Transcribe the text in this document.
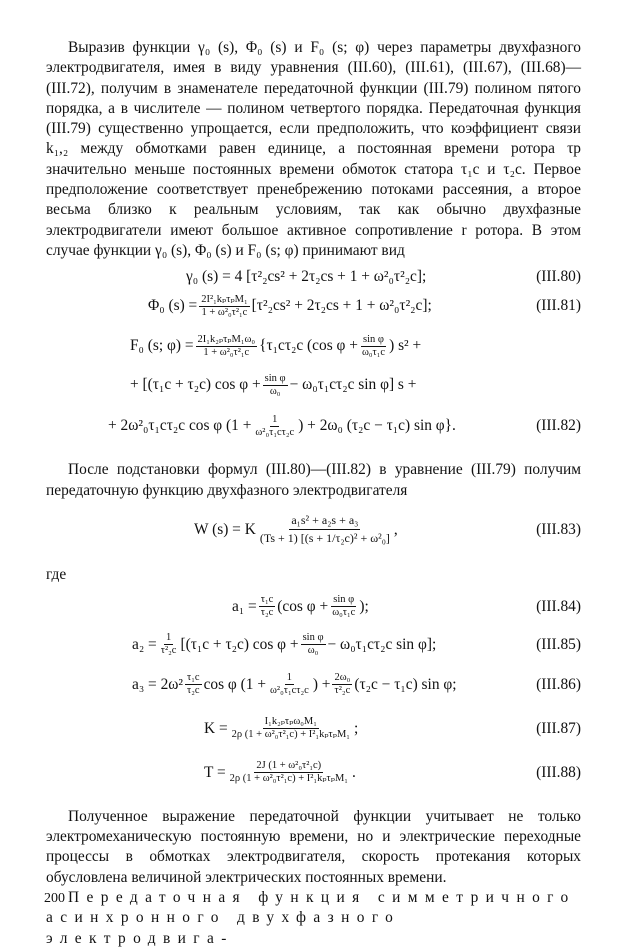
Выразив функции γ₀ (s), Φ₀ (s) и F₀ (s; φ) через параметры двухфазного электродвигателя, имея в виду уравнения (III.60), (III.61), (III.67), (III.68)—(III.72), получим в знаменателе передаточной функции (III.79) полином пятого порядка, а в числителе — полином четвертого порядка. Передаточная функция (III.79) существенно упрощается, если предположить, что коэффициент связи k₁,₂ между обмотками равен единице, а постоянная времени ротора τр значительно меньше постоянных времени обмоток статора τ₁c и τ₂c. Первое предположение соответствует пренебрежению потоками рассеяния, а второе весьма близко к реальным условиям, так как обычно двухфазные электродвигатели имеют большое активное сопротивление r ротора. В этом случае функции γ₀ (s), Φ₀ (s) и F₀ (s; φ) принимают вид

γ₀ (s) = 4 [τ²₂cs² + 2τ₂cs + 1 + ω²₀τ²₂c];	(III.80)
Φ₀ $(s) = \frac{\text{2I²₁kₚτₚM₁}}{\text{1 + ω²₀τ²₁c}} [\tau^2_2cs^2 + 2\tau_2cs + 1 + \omega^2_0\tau^2_2c]$;	(III.81)
F₀ (s; $\varphi) = \frac{\text{2I₁k₂ₚτₚM₁ω₀}}{\text{1 + ω²₀τ²₁c}} \{\tau_1c\tau_2c$ (cos $\varphi + \frac{\text{sin φ}}{\text{ω₀τ₁c}}$ ) s² +
+ [(τ₁c + τ₂c) $\cos \varphi + \frac{\text{sin φ}}{\text{ω₀}} - \omega_0\tau_1c\tau_2c$ sin φ] s +
+ 2ω²₀τ₁cτ₂c cos φ ($1 + \frac{1}{\text{ω²₀τ₁cτ₂c}}$ ) + 2ω₀ (τ₂c − τ₁c) sin φ}.	(III.82)

После подстановки формул (III.80)—(III.82) в уравнение (III.79) получим передаточную функцию двухфазного электродвигателя

W (s) = K $\frac{\text{a₁s² + a₂s + a₃}}{\text{(Ts + 1) [(s + 1/τ₂c)² + ω²₀]}}$ ,	(III.83)
где
$a_1 = \frac{\text{τ₁c}}{\text{τ₂c}} (\cos$ $\varphi + \frac{\text{sin φ}}{\text{ω₀τ₁c}}$ );	(III.84)
$a_2 = \frac{1}{\text{τ²₂c}} [(\tau_1c + \tau_2c)$ $\cos \varphi + \frac{\text{sin φ}}{\text{ω₀}} - \omega_0\tau_1c\tau_2c$ sin φ];	(III.85)
$a_3 = 2\omega^2 \frac{\text{τ₁c}}{\text{τ₂c}}$ cos φ ($1 + \frac{1}{\text{ω²₀τ₁cτ₂c}}$ ) + $\frac{\text{2ω₀}}{\text{τ²₂c}} (\tau_2c - \tau_1c)$ sin φ;	(III.86)
$K = \frac{\text{I₁k₂ₚτₚω₀M₁}}{\text{2ρ (1 + ω²₀τ²₁c) + I²₁kₚτₚM₁}}$ ;	(III.87)
$T = \frac{\text{2J (1 + ω²₀τ²₁c)}}{\text{2ρ (1 + ω²₀τ²₁c) + I²₁kₚτₚM₁}}$ .	(III.88)

Полученное выражение передаточной функции учитывает не только электромеханическую постоянную времени, но и электрические переходные процессы в обмотках электродвигателя, скорость протекания которых обусловлена величиной электрических постоянных времени.

Передаточная функция симметричного
асинхронного двухфазного электродвига-
200
